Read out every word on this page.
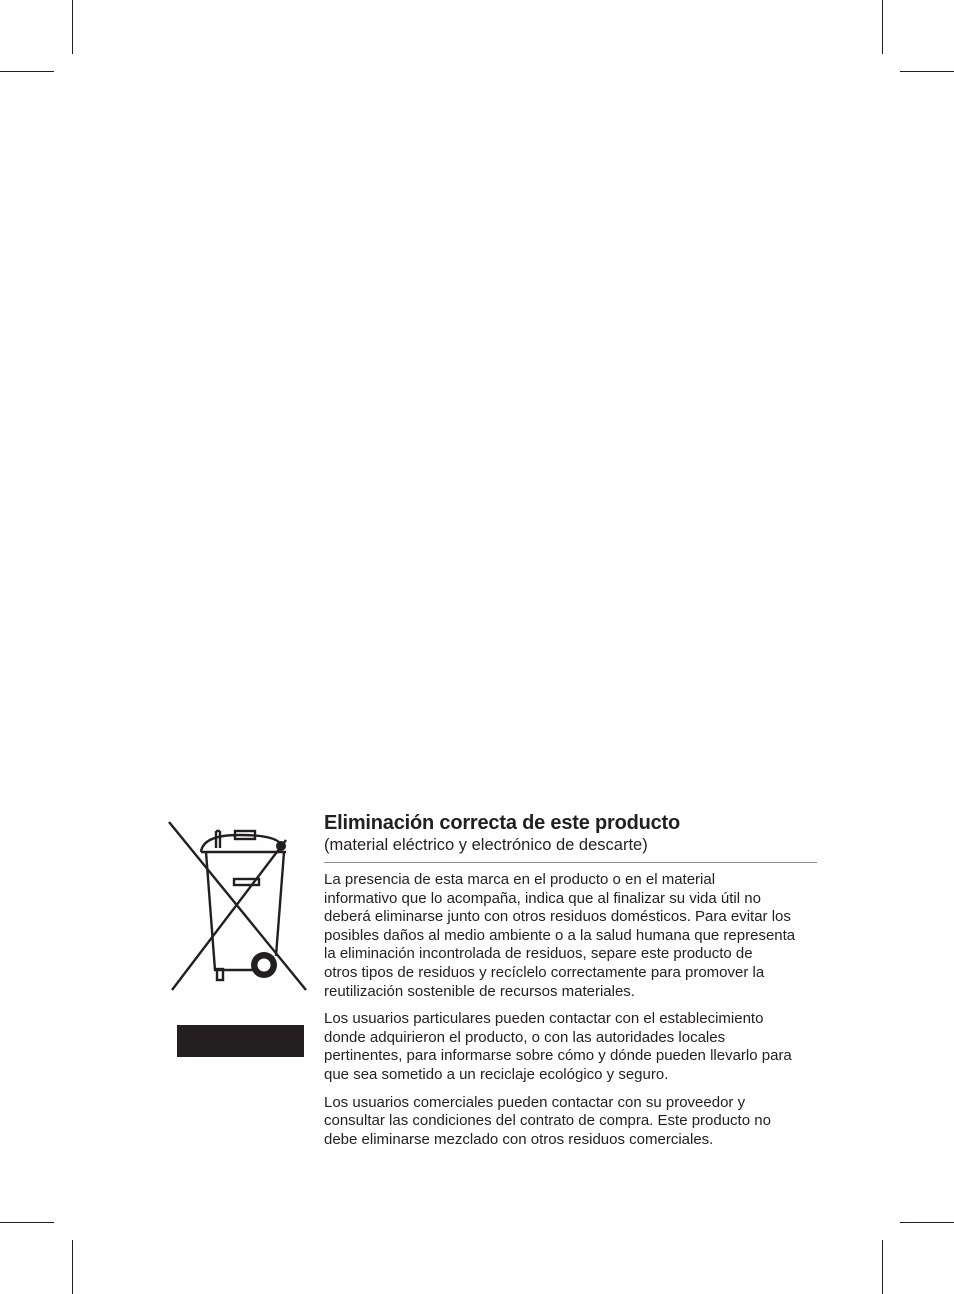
Eliminación correcta de este producto

(material eléctrico y electrónico de descarte)

La presencia de esta marca en el producto o en el material
informativo que lo acompaña, indica que al finalizar su vida útil no
deberá eliminarse junto con otros residuos domésticos. Para evitar los
posibles daños al medio ambiente o a la salud humana que representa
la eliminación incontrolada de residuos, separe este producto de
otros tipos de residuos y recíclelo correctamente para promover la
reutilización sostenible de recursos materiales.

Los usuarios particulares pueden contactar con el establecimiento
donde adquirieron el producto, o con las autoridades locales
pertinentes, para informarse sobre cómo y dónde pueden llevarlo para
que sea sometido a un reciclaje ecológico y seguro.

Los usuarios comerciales pueden contactar con su proveedor y
consultar las condiciones del contrato de compra. Este producto no
debe eliminarse mezclado con otros residuos comerciales.
